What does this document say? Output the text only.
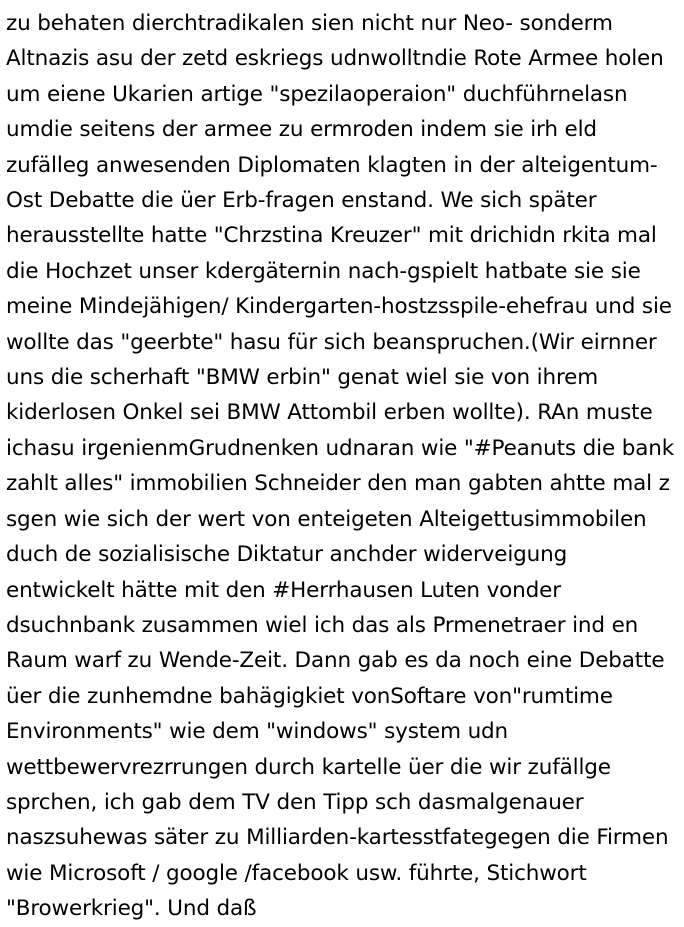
zu behaten dierchtradikalen sien nicht nur Neo- sonderm Altnazis asu der zetd eskriegs udnwolltndie Rote Armee holen um eiene Ukarien artige "spezilaoperaion" duchführnelasn umdie seitens der armee zu ermroden indem sie irh eld zufälleg anwesenden Diplomaten klagten in der alteigentum-Ost Debatte die üer Erb-fragen enstand. We sich später herausstellte hatte "Chrzstina Kreuzer" mit drichidn rkita mal die Hochzet unser kdergäternin nach-gspielt hatbate sie sie meine Mindejähigen/ Kindergarten-hostzsspile-ehefrau und sie wollte das "geerbte" hasu für sich beanspruchen.(Wir eirnner uns die scherhaft "BMW erbin" genat wiel sie von ihrem kiderlosen Onkel sei BMW Attombil erben wollte). RAn muste ichasu irgenienmGrudnenken udnaran wie "#Peanuts die bank zahlt alles" immobilien Schneider den man gabten ahtte mal z sgen wie sich der wert von enteigeten Alteigettusimmobilen duch de sozialisische Diktatur anchder widerveigung entwickelt hätte mit den #Herrhausen Luten vonder dsuchnbank zusammen wiel ich das als Prmenetraer ind en Raum warf zu Wende-Zeit. Dann gab es da noch eine Debatte üer die zunhemdne bahägigkiet vonSoftare von"rumtime Environments" wie dem "windows" system udn wettbewervrezrrungen durch kartelle üer die wir zufällge sprchen, ich gab dem TV den Tipp sch dasmalgenauer naszsuhewas säter zu Milliarden-kartesstfategegen die Firmen wie Microsoft / google /facebook usw. führte, Stichwort "Browerkrieg". Und daß
